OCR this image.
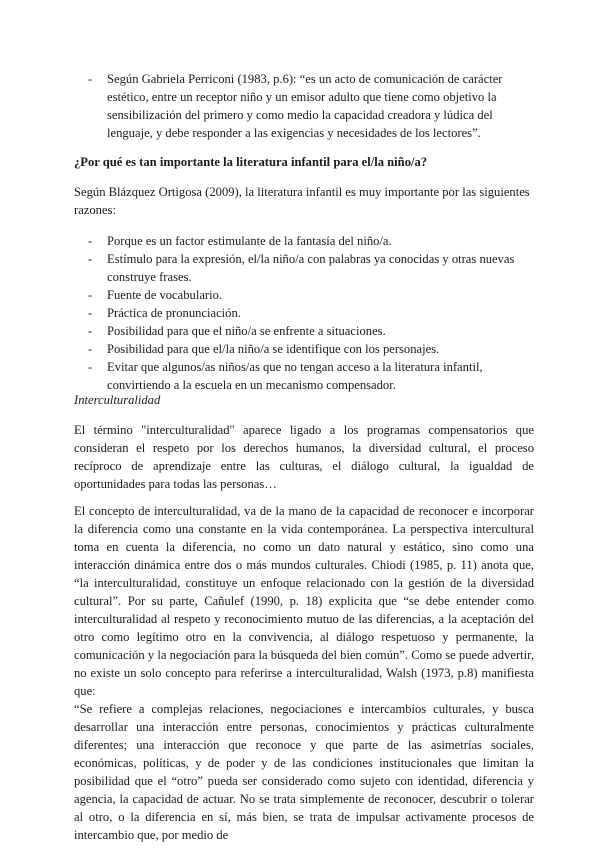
- Según Gabriela Perriconi (1983, p.6): “es un acto de comunicación de carácter estético, entre un receptor niño y un emisor adulto que tiene como objetivo la sensibilización del primero y como medio la capacidad creadora y lúdica del lenguaje, y debe responder a las exigencias y necesidades de los lectores”.

¿Por qué es tan importante la literatura infantil para el/la niño/a?

Según Blázquez Ortigosa (2009), la literatura infantil es muy importante por las siguientes razones:

- Porque es un factor estimulante de la fantasía del niño/a.
- Estímulo para la expresión, el/la niño/a con palabras ya conocidas y otras nuevas construye frases.
- Fuente de vocabulario.
- Práctica de pronunciación.
- Posibilidad para que el niño/a se enfrente a situaciones.
- Posibilidad para que el/la niño/a se identifique con los personajes.
- Evitar que algunos/as niños/as que no tengan acceso a la literatura infantil, convirtiendo a la escuela en un mecanismo compensador.

Interculturalidad

El término "interculturalidad" aparece ligado a los programas compensatorios que consideran el respeto por los derechos humanos, la diversidad cultural, el proceso recíproco de aprendizaje entre las culturas, el diálogo cultural, la igualdad de oportunidades para todas las personas…

El concepto de interculturalidad, va de la mano de la capacidad de reconocer e incorporar la diferencia como una constante en la vida contemporánea. La perspectiva intercultural toma en cuenta la diferencia, no como un dato natural y estático, sino como una interacción dinámica entre dos o más mundos culturales. Chiodi (1985, p. 11) anota que, “la interculturalidad, constituye un enfoque relacionado con la gestión de la diversidad cultural”. Por su parte, Cañulef (1990, p. 18) explicita que “se debe entender como interculturalidad al respeto y reconocimiento mutuo de las diferencias, a la aceptación del otro como legítimo otro en la convivencia, al diálogo respetuoso y permanente, la comunicación y la negociación para la búsqueda del bien común”. Como se puede advertir, no existe un solo concepto para referirse a interculturalidad, Walsh (1973, p.8) manifiesta que:
“Se refiere a complejas relaciones, negociaciones e intercambios culturales, y busca desarrollar una interacción entre personas, conocimientos y prácticas culturalmente diferentes; una interacción que reconoce y que parte de las asimetrías sociales, económicas, políticas, y de poder y de las condiciones institucionales que limitan la posibilidad que el “otro” pueda ser considerado como sujeto con identidad, diferencia y agencia, la capacidad de actuar. No se trata simplemente de reconocer, descubrir o tolerar al otro, o la diferencia en sí, más bien, se trata de impulsar activamente procesos de intercambio que, por medio de
